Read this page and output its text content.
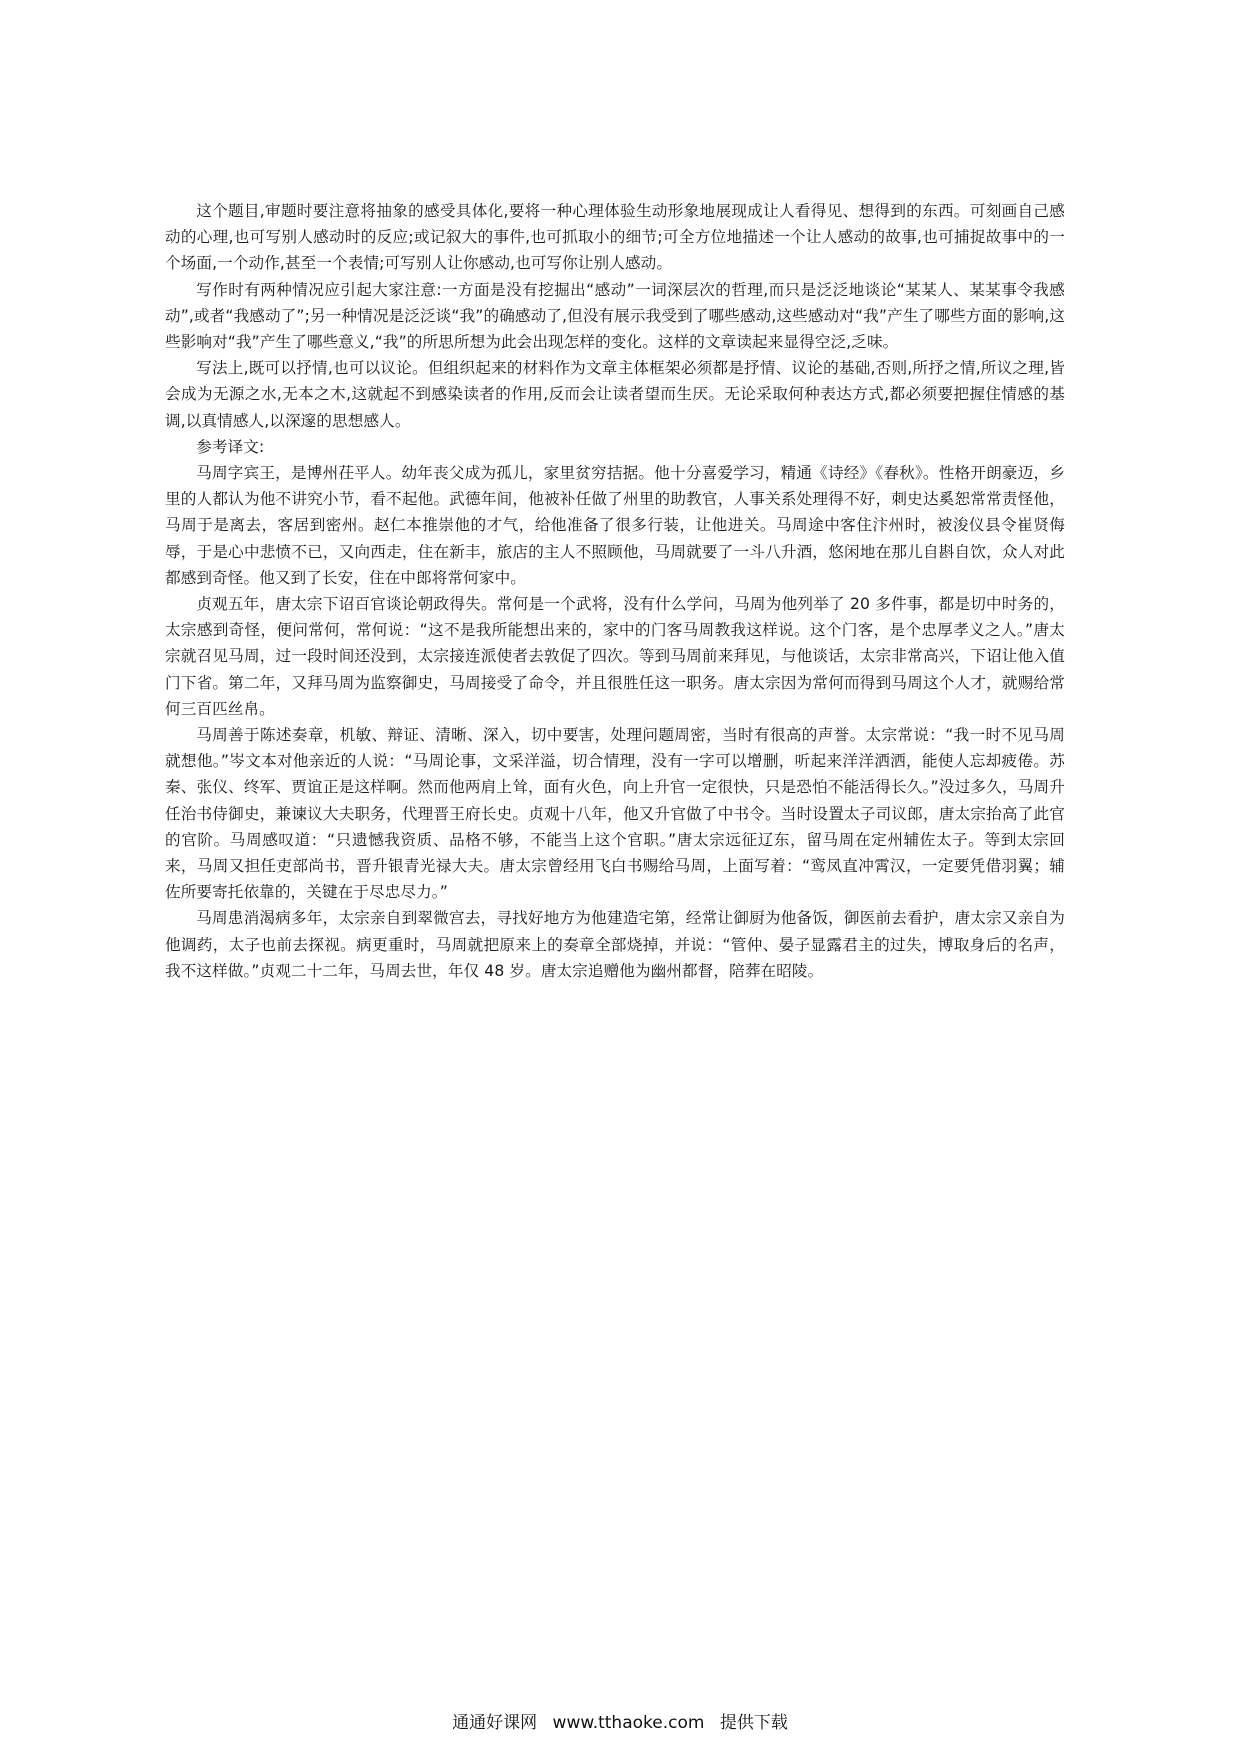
这个题目,审题时要注意将抽象的感受具体化,要将一种心理体验生动形象地展现成让人看得见、想得到的东西。可刻画自己感动的心理,也可写别人感动时的反应;或记叙大的事件,也可抓取小的细节;可全方位地描述一个让人感动的故事,也可捕捉故事中的一个场面,一个动作,甚至一个表情;可写别人让你感动,也可写你让别人感动。

写作时有两种情况应引起大家注意:一方面是没有挖掘出“感动”一词深层次的哲理,而只是泛泛地谈论“某某人、某某事令我感动”,或者“我感动了”;另一种情况是泛泛谈“我”的确感动了,但没有展示我受到了哪些感动,这些感动对“我”产生了哪些方面的影响,这些影响对“我”产生了哪些意义,“我”的所思所想为此会出现怎样的变化。这样的文章读起来显得空泛,乏味。

写法上,既可以抒情,也可以议论。但组织起来的材料作为文章主体框架必须都是抒情、议论的基础,否则,所抒之情,所议之理,皆会成为无源之水,无本之木,这就起不到感染读者的作用,反而会让读者望而生厌。无论采取何种表达方式,都必须要把握住情感的基调,以真情感人,以深邃的思想感人。

参考译文:

马周字宾王，是博州茌平人。幼年丧父成为孤儿，家里贫穷拮据。他十分喜爱学习，精通《诗经》《春秋》。性格开朗豪迈，乡里的人都认为他不讲究小节，看不起他。武德年间，他被补任做了州里的助教官，人事关系处理得不好，刺史达奚恕常常责怪他，马周于是离去，客居到密州。赵仁本推崇他的才气，给他准备了很多行装，让他进关。马周途中客住汴州时，被浚仪县令崔贤侮辱，于是心中悲愤不已，又向西走，住在新丰，旅店的主人不照顾他，马周就要了一斗八升酒，悠闲地在那儿自斟自饮，众人对此都感到奇怪。他又到了长安，住在中郎将常何家中。

贞观五年，唐太宗下诏百官谈论朝政得失。常何是一个武将，没有什么学问，马周为他列举了 20 多件事，都是切中时务的，太宗感到奇怪，便问常何，常何说：“这不是我所能想出来的，家中的门客马周教我这样说。这个门客，是个忠厚孝义之人。”唐太宗就召见马周，过一段时间还没到，太宗接连派使者去敦促了四次。等到马周前来拜见，与他谈话，太宗非常高兴，下诏让他入值门下省。第二年，又拜马周为监察御史，马周接受了命令，并且很胜任这一职务。唐太宗因为常何而得到马周这个人才，就赐给常何三百匹丝帛。

马周善于陈述奏章，机敏、辩证、清晰、深入，切中要害，处理问题周密，当时有很高的声誉。太宗常说：“我一时不见马周就想他。”岑文本对他亲近的人说：“马周论事，文采洋溢，切合情理，没有一字可以增删，听起来洋洋洒洒，能使人忘却疲倦。苏秦、张仪、终军、贾谊正是这样啊。然而他两肩上耸，面有火色，向上升官一定很快，只是恐怕不能活得长久。”没过多久，马周升任治书侍御史，兼谏议大夫职务，代理晋王府长史。贞观十八年，他又升官做了中书令。当时设置太子司议郎，唐太宗抬高了此官的官阶。马周感叹道：“只遗憾我资质、品格不够，不能当上这个官职。”唐太宗远征辽东，留马周在定州辅佐太子。等到太宗回来，马周又担任吏部尚书，晋升银青光禄大夫。唐太宗曾经用飞白书赐给马周，上面写着：“鸾凤直冲霄汉，一定要凭借羽翼；辅佐所要寄托依靠的，关键在于尽忠尽力。”

马周患消渴病多年，太宗亲自到翠微宫去，寻找好地方为他建造宅第，经常让御厨为他备饭，御医前去看护，唐太宗又亲自为他调药，太子也前去探视。病更重时，马周就把原来上的奏章全部烧掉，并说：“管仲、晏子显露君主的过失，博取身后的名声，我不这样做。”贞观二十二年，马周去世，年仅 48 岁。唐太宗追赠他为幽州都督，陪葬在昭陵。

通通好课网 www.tthaoke.com 提供下载
